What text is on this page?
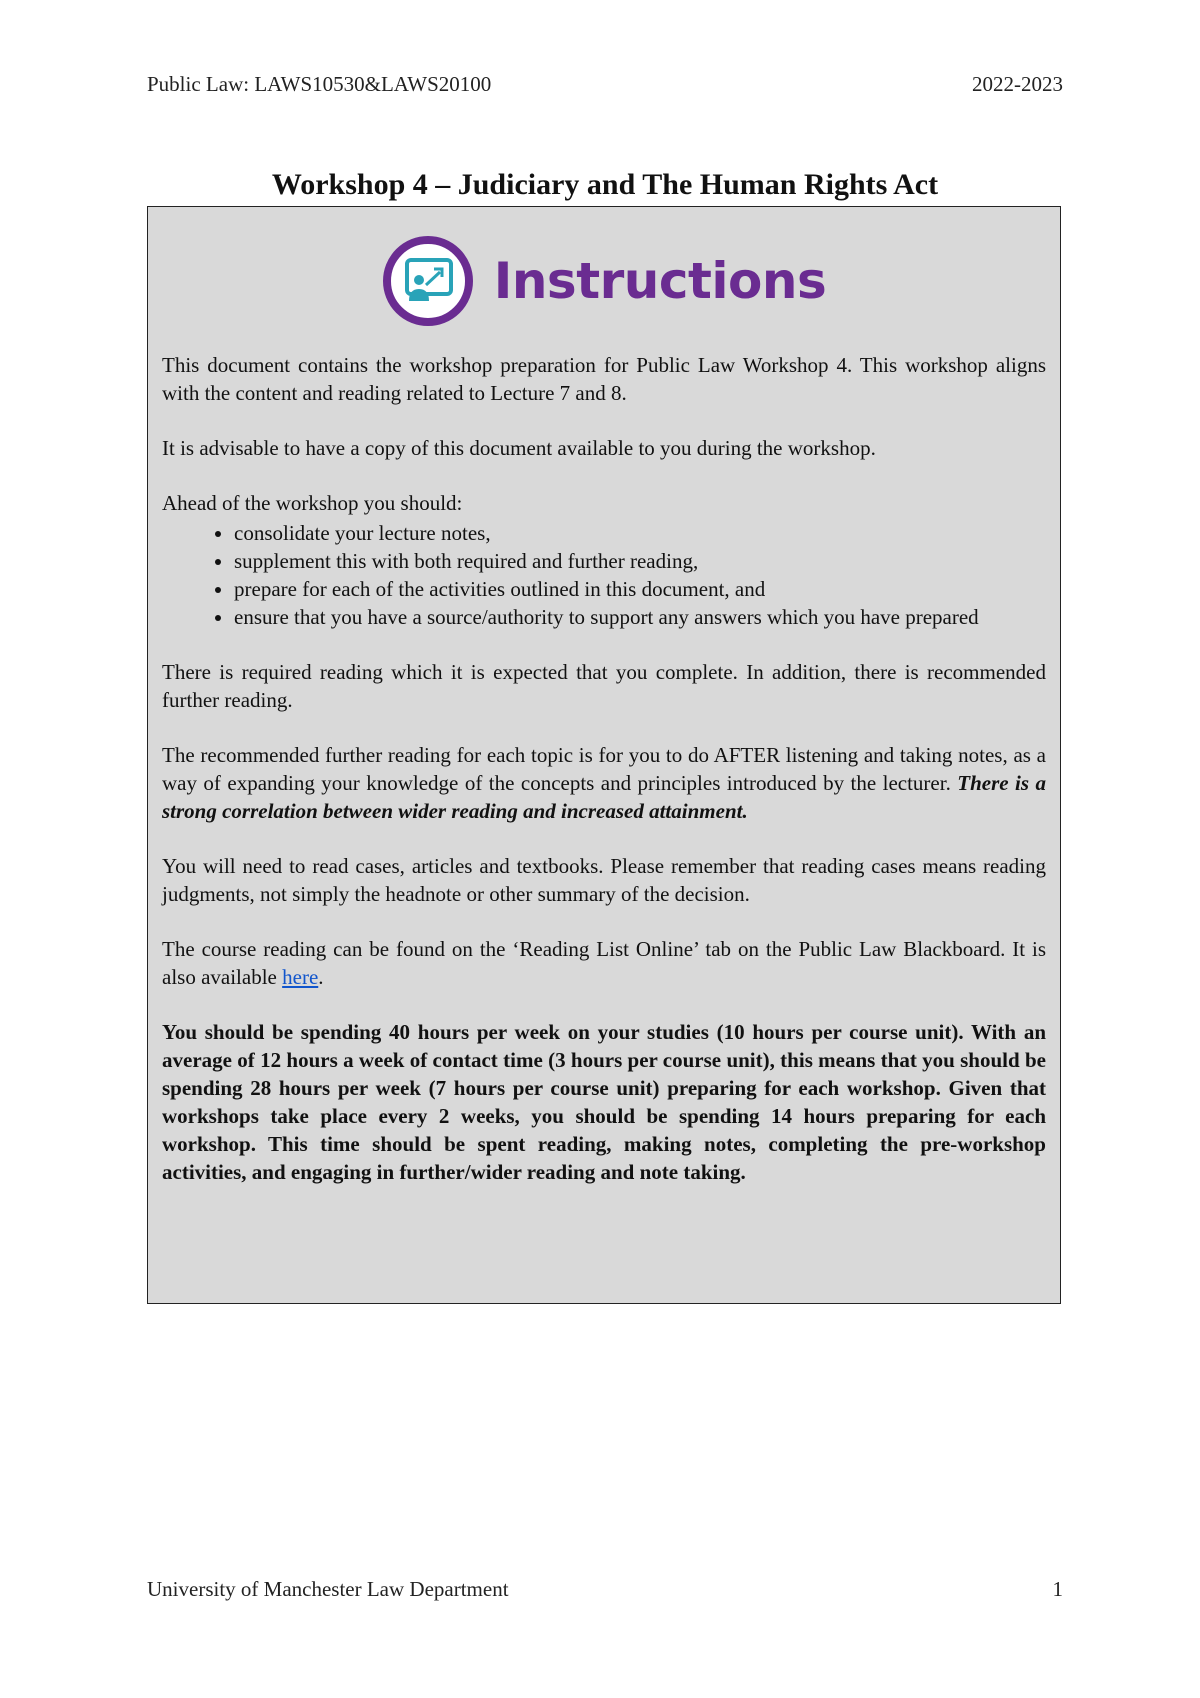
Public Law: LAWS10530&LAWS20100	2022-2023
Workshop 4 – Judiciary and The Human Rights Act
Instructions

This document contains the workshop preparation for Public Law Workshop 4. This workshop aligns with the content and reading related to Lecture 7 and 8.

It is advisable to have a copy of this document available to you during the workshop.

Ahead of the workshop you should:

• consolidate your lecture notes,
• supplement this with both required and further reading,
• prepare for each of the activities outlined in this document, and
• ensure that you have a source/authority to support any answers which you have prepared

There is required reading which it is expected that you complete. In addition, there is recommended further reading.

The recommended further reading for each topic is for you to do AFTER listening and taking notes, as a way of expanding your knowledge of the concepts and principles introduced by the lecturer. There is a strong correlation between wider reading and increased attainment.

You will need to read cases, articles and textbooks. Please remember that reading cases means reading judgments, not simply the headnote or other summary of the decision.

The course reading can be found on the ‘Reading List Online’ tab on the Public Law Blackboard. It is also available here.

You should be spending 40 hours per week on your studies (10 hours per course unit). With an average of 12 hours a week of contact time (3 hours per course unit), this means that you should be spending 28 hours per week (7 hours per course unit) preparing for each workshop. Given that workshops take place every 2 weeks, you should be spending 14 hours preparing for each workshop. This time should be spent reading, making notes, completing the pre-workshop activities, and engaging in further/wider reading and note taking.

University of Manchester Law Department	1
